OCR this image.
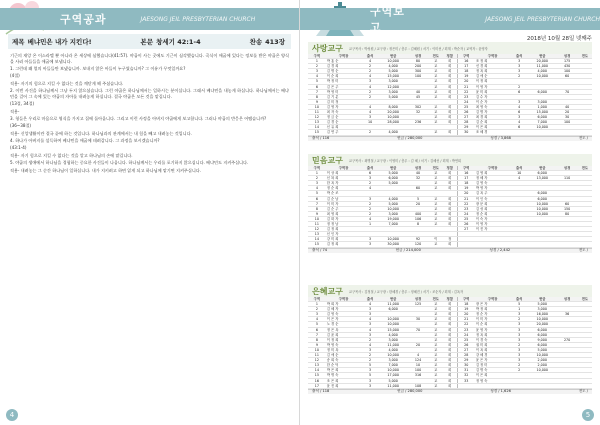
구역공과	JAESONG JEIL PRESBYTERIAN CHURCH
제목 베냐민은 내가 지킨다!	본문 창세기 42:1-4	찬송 413장

기근의 재앙 온 이스라엘 뿐 아니라 온 세상에 심했습니다(41:57). 야곱이 사는 곳에도 기근이 심각했습니다. 곡식이 애굽에 있다는 정보를 받은 야곱은 양식을 사러 아들들을 애굽에 보냅니다.

1. 그런데 왜 열의 아들들만 보냈습니까. 보내지 않은 아들이 누구였습니까? 그 이유가 무엇일까요?

(4절)

적용- 자기의 힘으로 지킬 수 없다는 것을 깨닫게 해 주셨습니다.

2. 이번 사건을 하나님께서 그냥 두지 않으셨습니다. 그런 야곱은 하나님께서는 일하시는 분이십니다. 그래서 베냐민을 내놓게 하십니다. 하나님께서는 베냐민을 걸어 그 속에 있는 야곱의 자아를 내려놓게 하십니다. 결국 야곱은 모든 것을 맡깁니다.

(13절, 34절)

적용-

3. 형들은 우리로 마음으로 영식을 가지고 집에 돌아옵니다. 그리고 이런 사정을 아버지 야곱에게 보고합니다. 그러나 야곱의 반응은 어땠습니까?

(36~38절)

적용- 신앙생활이란 결국 끝에 하는 것입니다. 하나님과의 관계에서는 내 힘을 빼고 내려놓는 것입니다.

4. 하나가 아버지를 설득하여 베냐민을 애굽에 데려갑니다. 그 과정을 보시겠습니까?

(43:1-4)

적용- 자기 힘으로 지킬 수 없다는 것을 알고 하나님의 손에 맡깁니다.

5. 야곱의 생애에서 하나님을 경험하는 중요한 사건들이 나옵니다. 하나님께서는 우리를 포기하지 않으십니다. 베냐민도 지켜주십니다.

적용- 내려놓는 그 순간 하나님이 일하십니다. 내가 지키려고 하면 잃게 되고 하나님께 맡기면 지켜주십니다.

4
구역보고
JAESONG JEIL PRESBYTERIAN CHURCH
2018년 10월 28일 넷째주
사랑교구 교구목사 : 박성원 / 교구장 : 정은미 / 총무 : 김혜원 / 서기 : 이미선 / 회계 : 박순자 / 교역자 : 윤영자
구역	구역장	출석	헌금	성경	전도	정찰	구역	구역장	출석	헌금	성경	전도
1	박 홍 순	4	10,000	80	교	회	16	조 정 희	3	20,000	175	
2	김 경 희	2	4,000	200	교	회	17	신 경 희	3	11,000	430	
3	김 명 순	2	5,000	300	교	회	18	정 옥 희	3	4,000	100	
4	이 순 희	4	15,000	100	교	회	19	김 애 순	2	10,000	60	
5	박 정 미	3	3,000		교	회	20	이 정 희				
6	김 은 주	4	12,000		교	회	21	이 영 자	2			
7	박 영 미	2	3,000	40	교	회	22	윤 미 희	6	6,000	70	
8	김 기 분	2	5,000	45	교	회	23	김 수 자				
9	김 미 정						24	이 순 자	3	3,000		
10	김 영 자	4	8,000	302	교	회	25	최 영 숙	4	1,000	40	
11	최 자 숙	4	20,000	32	교	회	26	김 명 자	6	15,000	20	
12	정 금 순	3	10,000		교	회	27	최 경 희	3	6,000	30	
13	김 경 순	10	28,000	236	교	회	28	김 순 희	4	7,000	100	
14	신 유 희						29	이 은 희	6	10,000		
15	김 연 주	2	4,000		교	회	30	조 혜 경				
출석 / 116	헌금 / 280,000	성경 / 3,868	전도 /
믿음교구 교구목사 : 최병철 / 교구장 : 이영미 / 총무 : 김 혜 / 서기 : 김혜선 / 회계 : 박연희
구역	구역장	출석	헌금	성경	전도	정찰	구역	구역장	출석	헌금	성경	전도
1	이 상 희	6	5,000	40	교	회	16	김 영 희	10	6,000		
2	신 복 희	3	6,000	32	교	회	17	정 혜 자	4	13,000	110	
3	한 옥 자	2	5,000		교	회	18	김 영 숙				
4	정 순 희	4		60	교	회	19	박 영 자				
5	박 순 조						20	김 옥 주		6,000		
6	김 순 남	3	4,000	5	교	회	21	이 인 숙		6,000		
7	이 미 자	2	5,000	20	교	회	22	장 문 희		10,000	60	
8	김 순 주	2	10,000		교	회	23	김 성 희		10,000	150	
9	최 영 희	2	3,000	400	교	회	24	정 순 희		10,000	80	
10	김 화 자	4	19,000	106	교	회	25	이 숙 자				
11	정 정 남	1	7,000	8	교	회	26	이 영 자				
12	김 정 희						27	이 진 자				
13	신 인 자											
14	강 미 희	3	10,000	92	이	정						
15	김 정 희	3	30,000	120	교	회						
출석 / 74	헌금 / 214,000	성경 / 2,442	전도 /
은혜교구 교구목사 : 김정철 / 교구장 : 한혜경 / 총무 : 정혜진 / 서기 : 조순자 / 회계 : 김옥자
구역	구역장	출석	헌금	성경	전도	정찰	구역	구역장	출석	헌금	성경	전도
1	박 희 자	4	11,000	125	교	회	18	장 은 자	5	5,000		
2	김 혜 자	3	6,000		교	회	19	박 정 희	1	3,000		
3	김 영 숙	3			교	회	20	정 순 자	3	16,000	36	
4	이 은 자	4	10,000	30	교	회	21	이 미 자	2	10,000		
5	노 경 순	3	10,000		교	회	22	이 순 희	3	20,000		
6	정 은 옥	4	15,000	70	교	회	23	윤 영 자	3	6,000		
7	김 윤 희	3	4,000		교	회	24	정 옥 희	3	6,000		
8	이 정 희	2	3,000		교	회	25	이 경 숙	3	9,000	270	
9	박 영 숙	4	11,000	20	교	회	26	권 미 희	2	6,000		
10	정 미 옥	3	4,000		교	회	27	이 옥 희	3	5,000		
11	김 애 순	2	10,000	4	교	회	28	강 혜 경	3	10,000		
12	송 희 숙	2	3,000	124	교	회	29	윤 은 자	3	2,000		
13	한 순 덕	5	7,000	10	교	회	30	김 정 미	2	2,000		
14	박 은 희	3	10,000	100	교	회	31	김 명 숙	2	10,000		
15	박 명 숙	5	17,000	316	교	회	32	이 은 희				
16	조 은 희	3	5,000		교	회	33	정 영 숙				
17	윤 진 희	3	11,000	108	교	회						
출석 / 118	헌금 / 280,000	성경 / 1,626	전도 /
5
